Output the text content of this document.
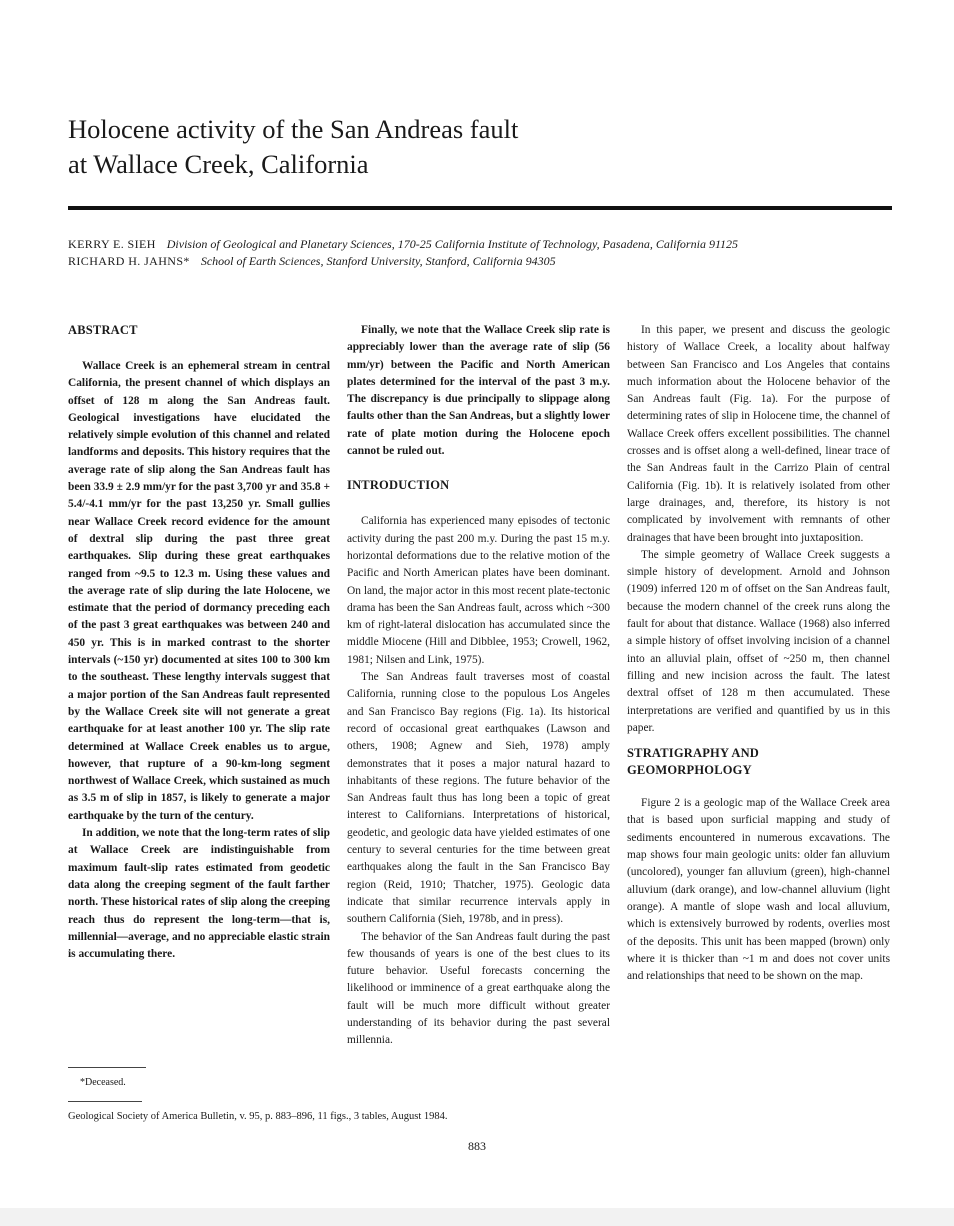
Holocene activity of the San Andreas fault
at Wallace Creek, California
KERRY E. SIEH Division of Geological and Planetary Sciences, 170-25 California Institute of Technology, Pasadena, California 91125
RICHARD H. JAHNS* School of Earth Sciences, Stanford University, Stanford, California 94305
ABSTRACT

Wallace Creek is an ephemeral stream in central California, the present channel of which displays an offset of 128 m along the San Andreas fault. Geological investigations have elucidated the relatively simple evolution of this channel and related landforms and deposits. This history requires that the average rate of slip along the San Andreas fault has been 33.9 ± 2.9 mm/yr for the past 3,700 yr and 35.8 + 5.4/-4.1 mm/yr for the past 13,250 yr. Small gullies near Wallace Creek record evidence for the amount of dextral slip during the past three great earthquakes. Slip during these great earthquakes ranged from ~9.5 to 12.3 m. Using these values and the average rate of slip during the late Holocene, we estimate that the period of dormancy preceding each of the past 3 great earthquakes was between 240 and 450 yr. This is in marked contrast to the shorter intervals (~150 yr) documented at sites 100 to 300 km to the southeast. These lengthy intervals suggest that a major portion of the San Andreas fault represented by the Wallace Creek site will not generate a great earthquake for at least another 100 yr. The slip rate determined at Wallace Creek enables us to argue, however, that rupture of a 90-km-long segment northwest of Wallace Creek, which sustained as much as 3.5 m of slip in 1857, is likely to generate a major earthquake by the turn of the century.

In addition, we note that the long-term rates of slip at Wallace Creek are indistinguishable from maximum fault-slip rates estimated from geodetic data along the creeping segment of the fault farther north. These historical rates of slip along the creeping reach thus do represent the long-term—that is, millennial—average, and no appreciable elastic strain is accumulating there.

Finally, we note that the Wallace Creek slip rate is appreciably lower than the average rate of slip (56 mm/yr) between the Pacific and North American plates determined for the interval of the past 3 m.y. The discrepancy is due principally to slippage along faults other than the San Andreas, but a slightly lower rate of plate motion during the Holocene epoch cannot be ruled out.

INTRODUCTION

California has experienced many episodes of tectonic activity during the past 200 m.y. During the past 15 m.y. horizontal deformations due to the relative motion of the Pacific and North American plates have been dominant. On land, the major actor in this most recent plate-tectonic drama has been the San Andreas fault, across which ~300 km of right-lateral dislocation has accumulated since the middle Miocene (Hill and Dibblee, 1953; Crowell, 1962, 1981; Nilsen and Link, 1975).

The San Andreas fault traverses most of coastal California, running close to the populous Los Angeles and San Francisco Bay regions (Fig. 1a). Its historical record of occasional great earthquakes (Lawson and others, 1908; Agnew and Sieh, 1978) amply demonstrates that it poses a major natural hazard to inhabitants of these regions. The future behavior of the San Andreas fault thus has long been a topic of great interest to Californians. Interpretations of historical, geodetic, and geologic data have yielded estimates of one century to several centuries for the time between great earthquakes along the fault in the San Francisco Bay region (Reid, 1910; Thatcher, 1975). Geologic data indicate that similar recurrence intervals apply in southern California (Sieh, 1978b, and in press).

The behavior of the San Andreas fault during the past few thousands of years is one of the best clues to its future behavior. Useful forecasts concerning the likelihood or imminence of a great earthquake along the fault will be much more difficult without greater understanding of its behavior during the past several millennia.

In this paper, we present and discuss the geologic history of Wallace Creek, a locality about halfway between San Francisco and Los Angeles that contains much information about the Holocene behavior of the San Andreas fault (Fig. 1a). For the purpose of determining rates of slip in Holocene time, the channel of Wallace Creek offers excellent possibilities. The channel crosses and is offset along a well-defined, linear trace of the San Andreas fault in the Carrizo Plain of central California (Fig. 1b). It is relatively isolated from other large drainages, and, therefore, its history is not complicated by involvement with remnants of other drainages that have been brought into juxtaposition.

The simple geometry of Wallace Creek suggests a simple history of development. Arnold and Johnson (1909) inferred 120 m of offset on the San Andreas fault, because the modern channel of the creek runs along the fault for about that distance. Wallace (1968) also inferred a simple history of offset involving incision of a channel into an alluvial plain, offset of ~250 m, then channel filling and new incision across the fault. The latest dextral offset of 128 m then accumulated. These interpretations are verified and quantified by us in this paper.

STRATIGRAPHY AND
GEOMORPHOLOGY

Figure 2 is a geologic map of the Wallace Creek area that is based upon surficial mapping and study of sediments encountered in numerous excavations. The map shows four main geologic units: older fan alluvium (uncolored), younger fan alluvium (green), high-channel alluvium (dark orange), and low-channel alluvium (light orange). A mantle of slope wash and local alluvium, which is extensively burrowed by rodents, overlies most of the deposits. This unit has been mapped (brown) only where it is thicker than ~1 m and does not cover units and relationships that need to be shown on the map.

*Deceased.
Geological Society of America Bulletin, v. 95, p. 883–896, 11 figs., 3 tables, August 1984.
883
